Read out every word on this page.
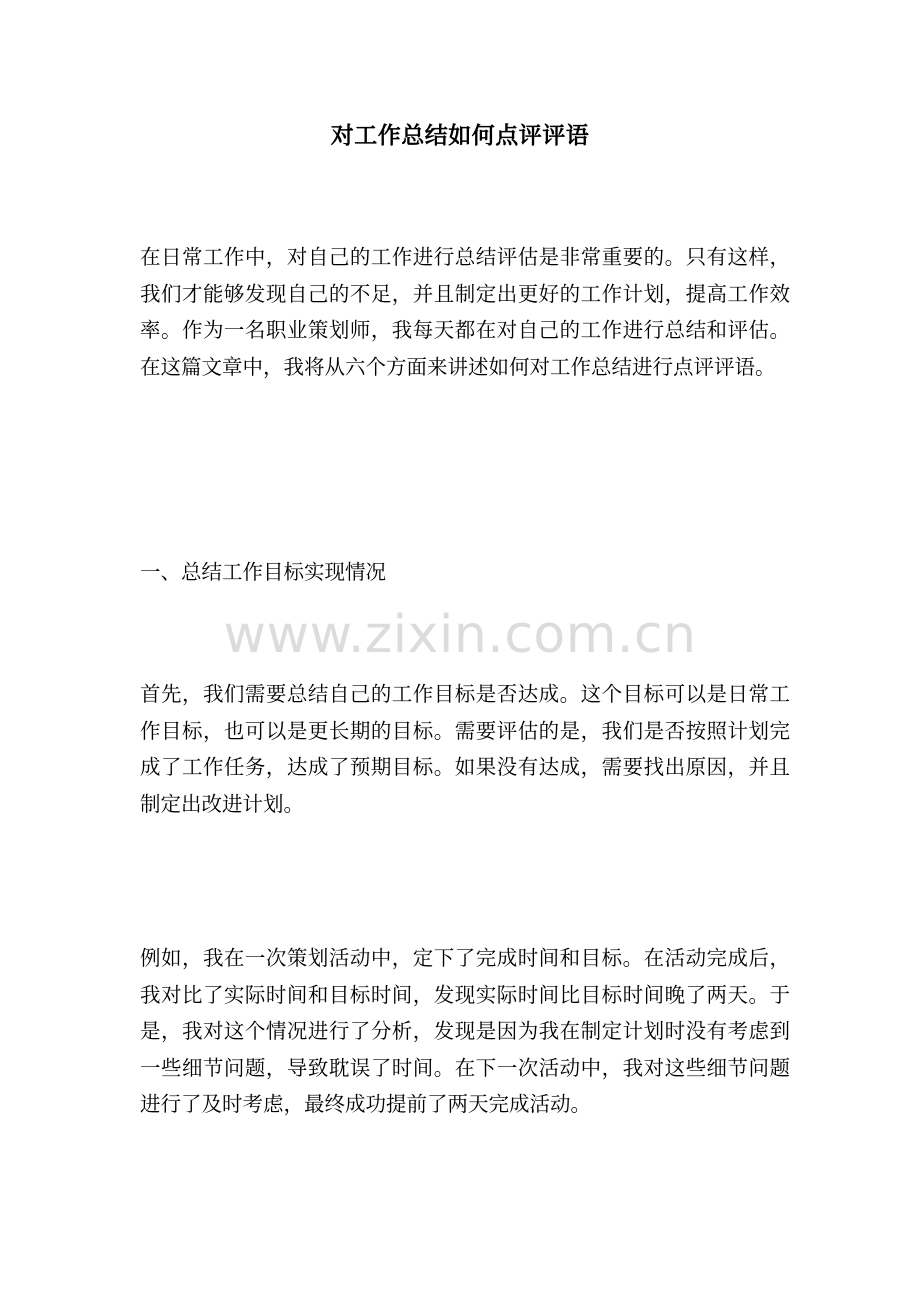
对工作总结如何点评评语

在日常工作中，对自己的工作进行总结评估是非常重要的。只有这样，我们才能够发现自己的不足，并且制定出更好的工作计划，提高工作效率。作为一名职业策划师，我每天都在对自己的工作进行总结和评估。在这篇文章中，我将从六个方面来讲述如何对工作总结进行点评评语。

一、总结工作目标实现情况

www.zixin.com.cn

首先，我们需要总结自己的工作目标是否达成。这个目标可以是日常工作目标，也可以是更长期的目标。需要评估的是，我们是否按照计划完成了工作任务，达成了预期目标。如果没有达成，需要找出原因，并且制定出改进计划。

例如，我在一次策划活动中，定下了完成时间和目标。在活动完成后，我对比了实际时间和目标时间，发现实际时间比目标时间晚了两天。于是，我对这个情况进行了分析，发现是因为我在制定计划时没有考虑到一些细节问题，导致耽误了时间。在下一次活动中，我对这些细节问题进行了及时考虑，最终成功提前了两天完成活动。
